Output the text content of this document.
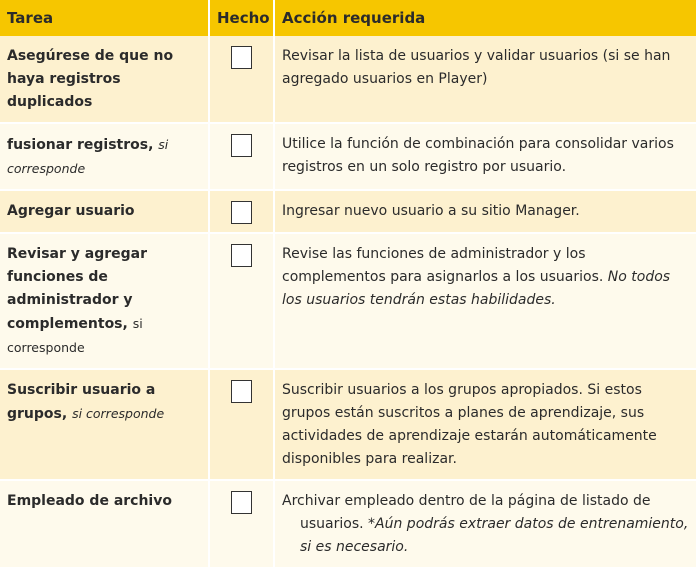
Tarea	Hecho	Acción requerida
Asegúrese de que no haya registros duplicados		Revisar la lista de usuarios y validar usuarios (si se han agregado usuarios en Player)
fusionar registros, si corresponde		Utilice la función de combinación para consolidar varios registros en un solo registro por usuario.
Agregar usuario		Ingresar nuevo usuario a su sitio Manager.
Revisar y agregar funciones de administrador y complementos, si corresponde		Revise las funciones de administrador y los complementos para asignarlos a los usuarios. No todos los usuarios tendrán estas habilidades.
Suscribir usuario a grupos, si corresponde		Suscribir usuarios a los grupos apropiados. Si estos grupos están suscritos a planes de aprendizaje, sus actividades de aprendizaje estarán automáticamente disponibles para realizar.
Empleado de archivo		Archivar empleado dentro de la página de listado de
usuarios. *Aún podrás extraer datos de entrenamiento, si es necesario.
